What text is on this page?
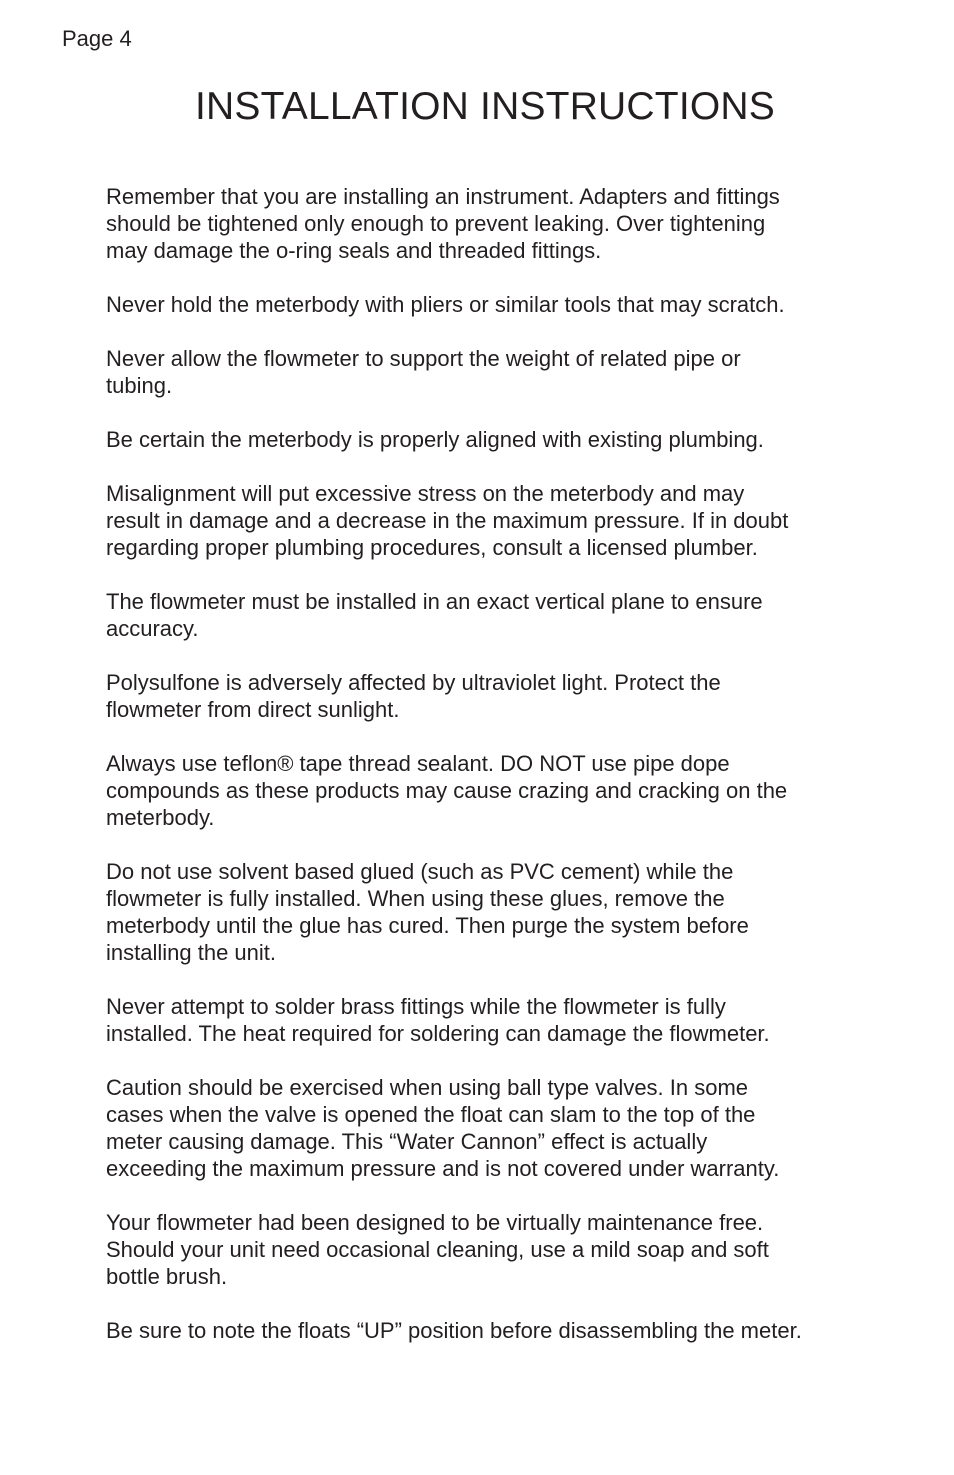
Page 4
INSTALLATION INSTRUCTIONS

Remember that you are installing an instrument. Adapters and fittings
should be tightened only enough to prevent leaking. Over tightening
may damage the o-ring seals and threaded fittings.

Never hold the meterbody with pliers or similar tools that may scratch.

Never allow the flowmeter to support the weight of related pipe or
tubing.

Be certain the meterbody is properly aligned with existing plumbing.

Misalignment will put excessive stress on the meterbody and may
result in damage and a decrease in the maximum pressure. If in doubt
regarding proper plumbing procedures, consult a licensed plumber.

The flowmeter must be installed in an exact vertical plane to ensure
accuracy.

Polysulfone is adversely affected by ultraviolet light. Protect the
flowmeter from direct sunlight.

Always use teflon® tape thread sealant. DO NOT use pipe dope
compounds as these products may cause crazing and cracking on the
meterbody.

Do not use solvent based glued (such as PVC cement) while the
flowmeter is fully installed. When using these glues, remove the
meterbody until the glue has cured. Then purge the system before
installing the unit.

Never attempt to solder brass fittings while the flowmeter is fully
installed. The heat required for soldering can damage the flowmeter.

Caution should be exercised when using ball type valves. In some
cases when the valve is opened the float can slam to the top of the
meter causing damage. This “Water Cannon” effect is actually
exceeding the maximum pressure and is not covered under warranty.

Your flowmeter had been designed to be virtually maintenance free.
Should your unit need occasional cleaning, use a mild soap and soft
bottle brush.

Be sure to note the floats “UP” position before disassembling the meter.
